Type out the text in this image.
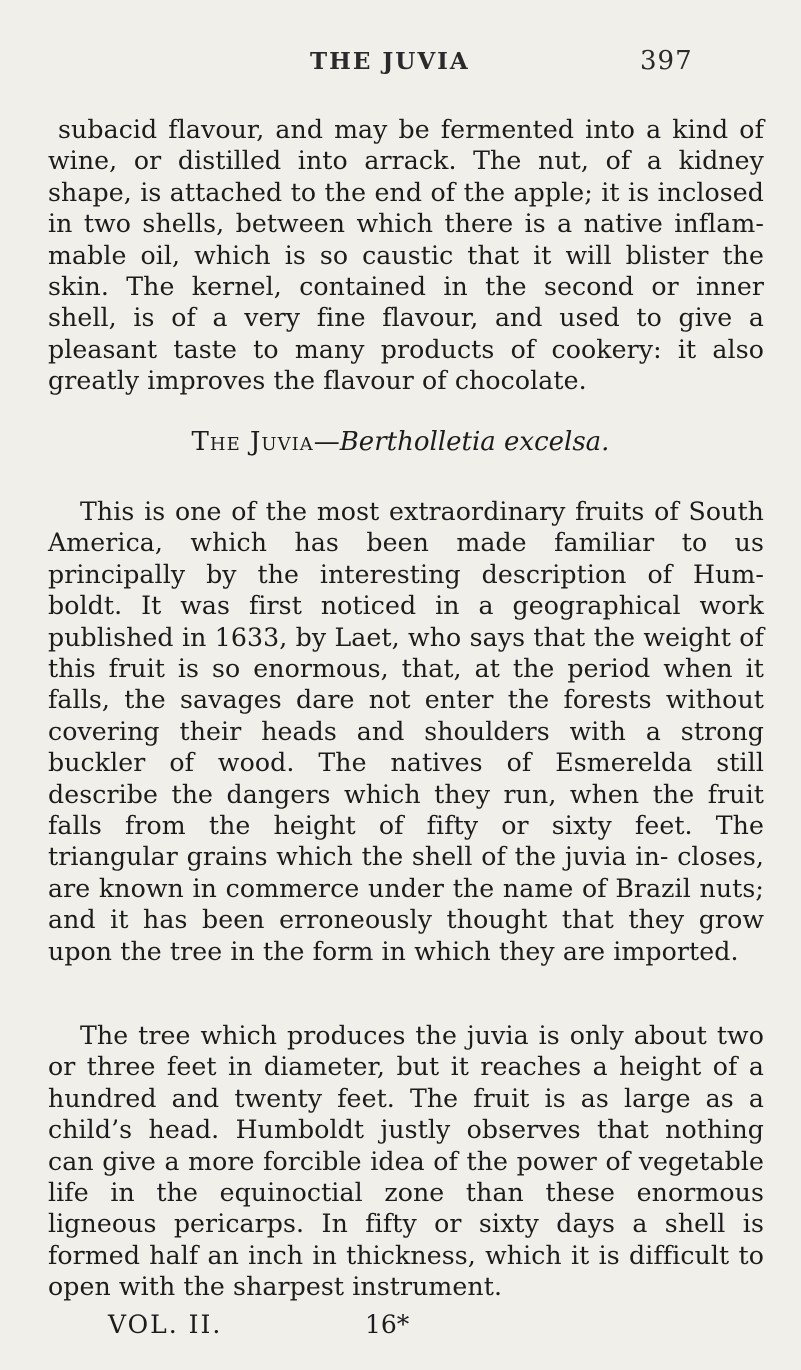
THE JUVIA	397

subacid flavour, and may be fermented into a kind of wine, or distilled into arrack. The nut, of a kidney shape, is attached to the end of the apple; it is inclosed in two shells, between which there is a native inflam- mable oil, which is so caustic that it will blister the skin. The kernel, contained in the second or inner shell, is of a very fine flavour, and used to give a pleasant taste to many products of cookery: it also greatly improves the flavour of chocolate.

The Juvia—Bertholletia excelsa.

This is one of the most extraordinary fruits of South America, which has been made familiar to us principally by the interesting description of Hum- boldt. It was first noticed in a geographical work published in 1633, by Laet, who says that the weight of this fruit is so enormous, that, at the period when it falls, the savages dare not enter the forests without covering their heads and shoulders with a strong buckler of wood. The natives of Esmerelda still describe the dangers which they run, when the fruit falls from the height of fifty or sixty feet. The triangular grains which the shell of the juvia in- closes, are known in commerce under the name of Brazil nuts; and it has been erroneously thought that they grow upon the tree in the form in which they are imported.

The tree which produces the juvia is only about two or three feet in diameter, but it reaches a height of a hundred and twenty feet. The fruit is as large as a child’s head. Humboldt justly observes that nothing can give a more forcible idea of the power of vegetable life in the equinoctial zone than these enormous ligneous pericarps. In fifty or sixty days a shell is formed half an inch in thickness, which it is difficult to open with the sharpest instrument.

VOL. II.	16*
